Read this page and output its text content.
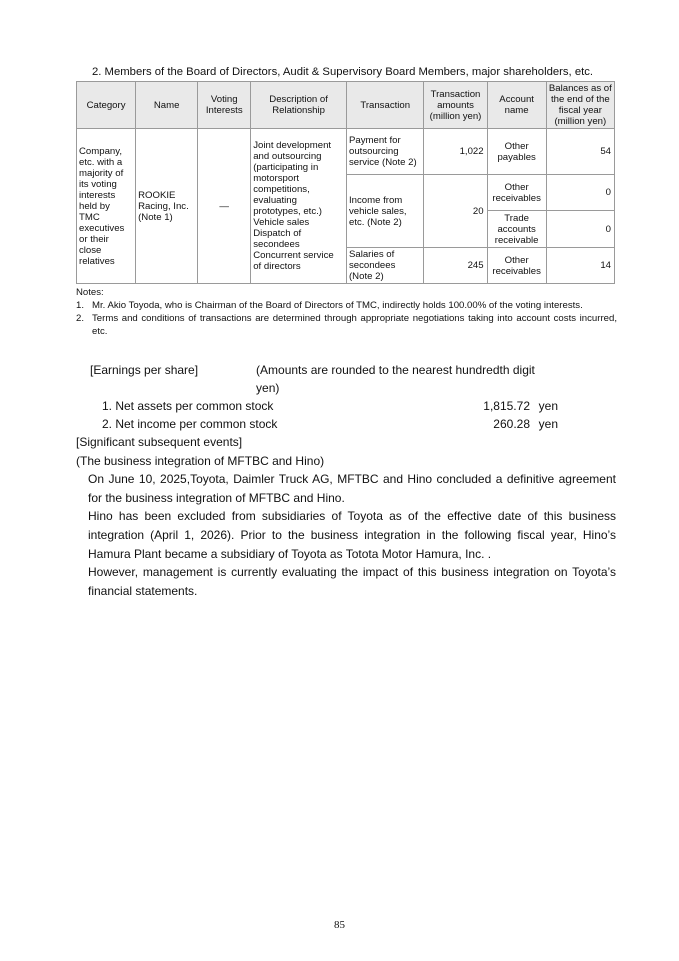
2. Members of the Board of Directors, Audit & Supervisory Board Members, major shareholders, etc.
Category	Name	Voting Interests	Description of Relationship	Transaction	Transaction amounts (million yen)	Account name	Balances as of the end of the fiscal year (million yen)
Company, etc. with a majority of its voting interests held by TMC executives or their close relatives	ROOKIE Racing, Inc. (Note 1)	—	Joint development and outsourcing (participating in motorsport competitions, evaluating prototypes, etc.) Vehicle sales Dispatch of secondees Concurrent service of directors	Payment for outsourcing service (Note 2)	1,022	Other payables	54
				Income from vehicle sales, etc. (Note 2)	20	Other receivables	0
						Trade accounts receivable	0
				Salaries of secondees (Note 2)	245	Other receivables	14
Notes:
1. Mr. Akio Toyoda, who is Chairman of the Board of Directors of TMC, indirectly holds 100.00% of the voting interests.
2. Terms and conditions of transactions are determined through appropriate negotiations taking into account costs incurred, etc.
[Earnings per share]	(Amounts are rounded to the nearest hundredth digit yen)
1. Net assets per common stock	1,815.72 yen
2. Net income per common stock	260.28 yen
[Significant subsequent events]
(The business integration of MFTBC and Hino)
On June 10, 2025,Toyota, Daimler Truck AG, MFTBC and Hino concluded a definitive agreement for the business integration of MFTBC and Hino.
Hino has been excluded from subsidiaries of Toyota as of the effective date of this business integration (April 1, 2026). Prior to the business integration in the following fiscal year, Hino’s Hamura Plant became a subsidiary of Toyota as Totota Motor Hamura, Inc. .
However, management is currently evaluating the impact of this business integration on Toyota’s financial statements.
85
